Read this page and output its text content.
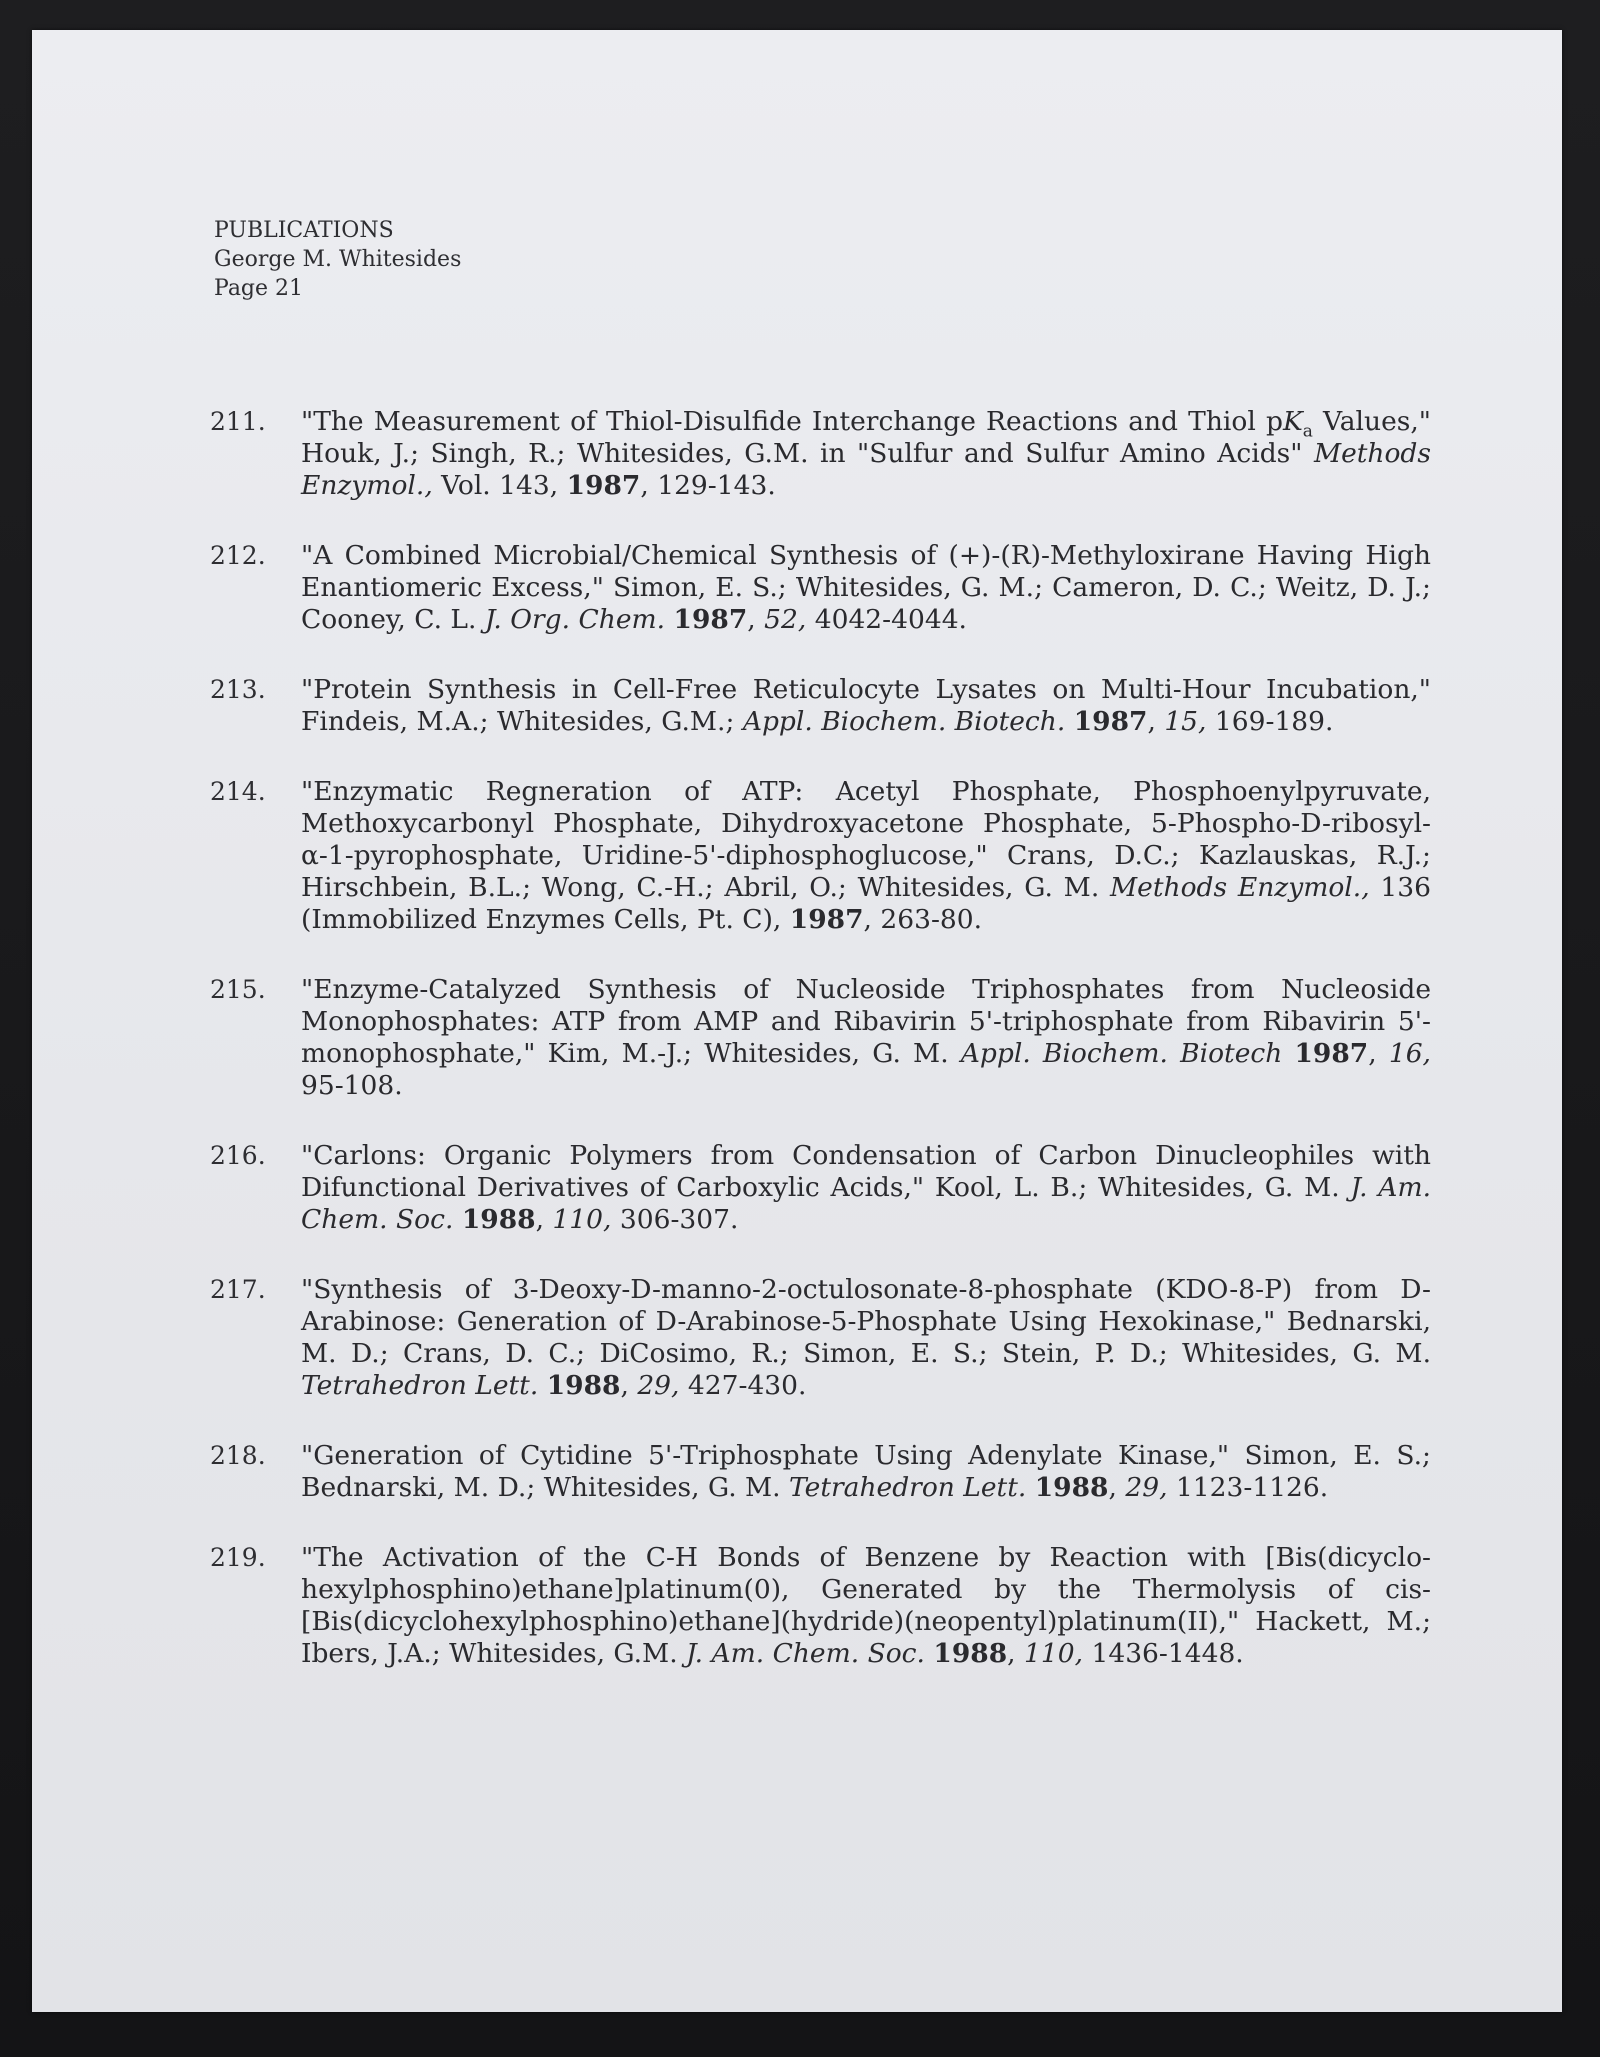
PUBLICATIONS
George M. Whitesides
Page 21
211. "The Measurement of Thiol-Disulfide Interchange Reactions and Thiol $pK_a$ Values," Houk, J.; Singh, R.; Whitesides, G.M. in "Sulfur and Sulfur Amino Acids" Methods Enzymol., Vol. 143, 1987, 129-143.
212. "A Combined Microbial/Chemical Synthesis of (+)-(R)-Methyloxirane Having High Enantiomeric Excess," Simon, E. S.; Whitesides, G. M.; Cameron, D. C.; Weitz, D. J.; Cooney, C. L. J. Org. Chem. 1987, 52, 4042-4044.
213. "Protein Synthesis in Cell-Free Reticulocyte Lysates on Multi-Hour Incubation," Findeis, M.A.; Whitesides, G.M.; Appl. Biochem. Biotech. 1987, 15, 169-189.
214. "Enzymatic Regneration of ATP: Acetyl Phosphate, Phosphoenylpyruvate, Methoxycarbonyl Phosphate, Dihydroxyacetone Phosphate, 5-Phospho-D-ribosyl-α-1-pyrophosphate, Uridine-5'-diphosphoglucose," Crans, D.C.; Kazlauskas, R.J.; Hirschbein, B.L.; Wong, C.-H.; Abril, O.; Whitesides, G. M. Methods Enzymol., 136 (Immobilized Enzymes Cells, Pt. C), 1987, 263-80.
215. "Enzyme-Catalyzed Synthesis of Nucleoside Triphosphates from Nucleoside Monophosphates: ATP from AMP and Ribavirin 5'-triphosphate from Ribavirin 5'-monophosphate," Kim, M.-J.; Whitesides, G. M. Appl. Biochem. Biotech 1987, 16, 95-108.
216. "Carlons: Organic Polymers from Condensation of Carbon Dinucleophiles with Difunctional Derivatives of Carboxylic Acids," Kool, L. B.; Whitesides, G. M. J. Am. Chem. Soc. 1988, 110, 306-307.
217. "Synthesis of 3-Deoxy-D-manno-2-octulosonate-8-phosphate (KDO-8-P) from D-Arabinose: Generation of D-Arabinose-5-Phosphate Using Hexokinase," Bednarski, M. D.; Crans, D. C.; DiCosimo, R.; Simon, E. S.; Stein, P. D.; Whitesides, G. M. Tetrahedron Lett. 1988, 29, 427-430.
218. "Generation of Cytidine 5'-Triphosphate Using Adenylate Kinase," Simon, E. S.; Bednarski, M. D.; Whitesides, G. M. Tetrahedron Lett. 1988, 29, 1123-1126.
219. "The Activation of the C-H Bonds of Benzene by Reaction with [Bis(dicyclo-hexylphosphino)ethane]platinum(0), Generated by the Thermolysis of cis-[Bis(dicyclohexylphosphino)ethane](hydride)(neopentyl)platinum(II)," Hackett, M.; Ibers, J.A.; Whitesides, G.M. J. Am. Chem. Soc. 1988, 110, 1436-1448.
